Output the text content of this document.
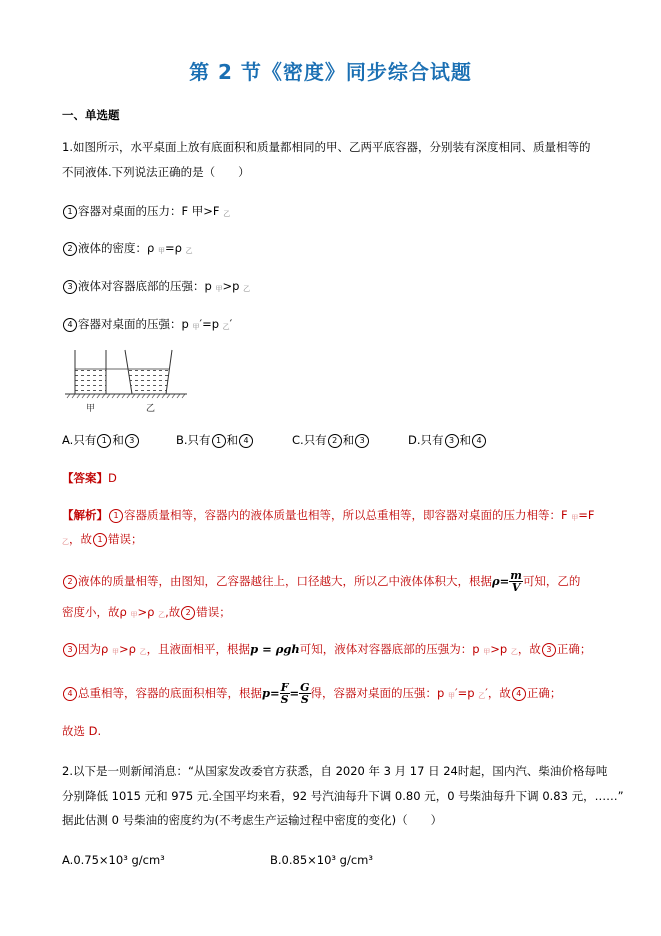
第 2 节《密度》同步综合试题
一、单选题
1.如图所示，水平桌面上放有底面积和质量都相同的甲、乙两平底容器，分别装有深度相同、质量相等的
不同液体.下列说法正确的是（　　）
1 容器对桌面的压力：F 甲>F 乙
2 液体的密度：ρ 甲=ρ 乙
3 液体对容器底部的压强：p 甲>p 乙
4 容器对桌面的压强：p 甲′=p 乙′
甲	乙
A.只有 1 和 3	B.只有 1 和 4	C.只有 2 和 3	D.只有 3 和 4
【答案】D
【解析】 1 容器质量相等，容器内的液体质量也相等，所以总重相等，即容器对桌面的压力相等：F 甲=F
乙，故 1 错误；
2 液体的质量相等，由图知，乙容器越往上，口径越大，所以乙中液体体积大，根据$\rho= \frac{m}{V}$ 可知，乙的
密度小，故ρ 甲>ρ 乙,故 2 错误；
3 因为ρ 甲>ρ 乙，且液面相平，根据p = ρgh可知，液体对容器底部的压强为：p 甲>p 乙，故 3 正确；
4 总重相等，容器的底面积相等，根据$p= \frac{F}{S} = \frac{G}{S}$ 得，容器对桌面的压强：p 甲′=p 乙′，故 4 正确；
故选 D.
2.以下是一则新闻消息：“从国家发改委官方获悉，自 2020 年 3 月 17 日 24时起，国内汽、柴油价格每吨
分别降低 1015 元和 975 元.全国平均来看，92 号汽油每升下调 0.80 元，0 号柴油每升下调 0.83 元，……”
据此估测 0 号柴油的密度约为(不考虑生产运输过程中密度的变化)（　　）
A.0.75×10³ g/cm³	B.0.85×10³ g/cm³
